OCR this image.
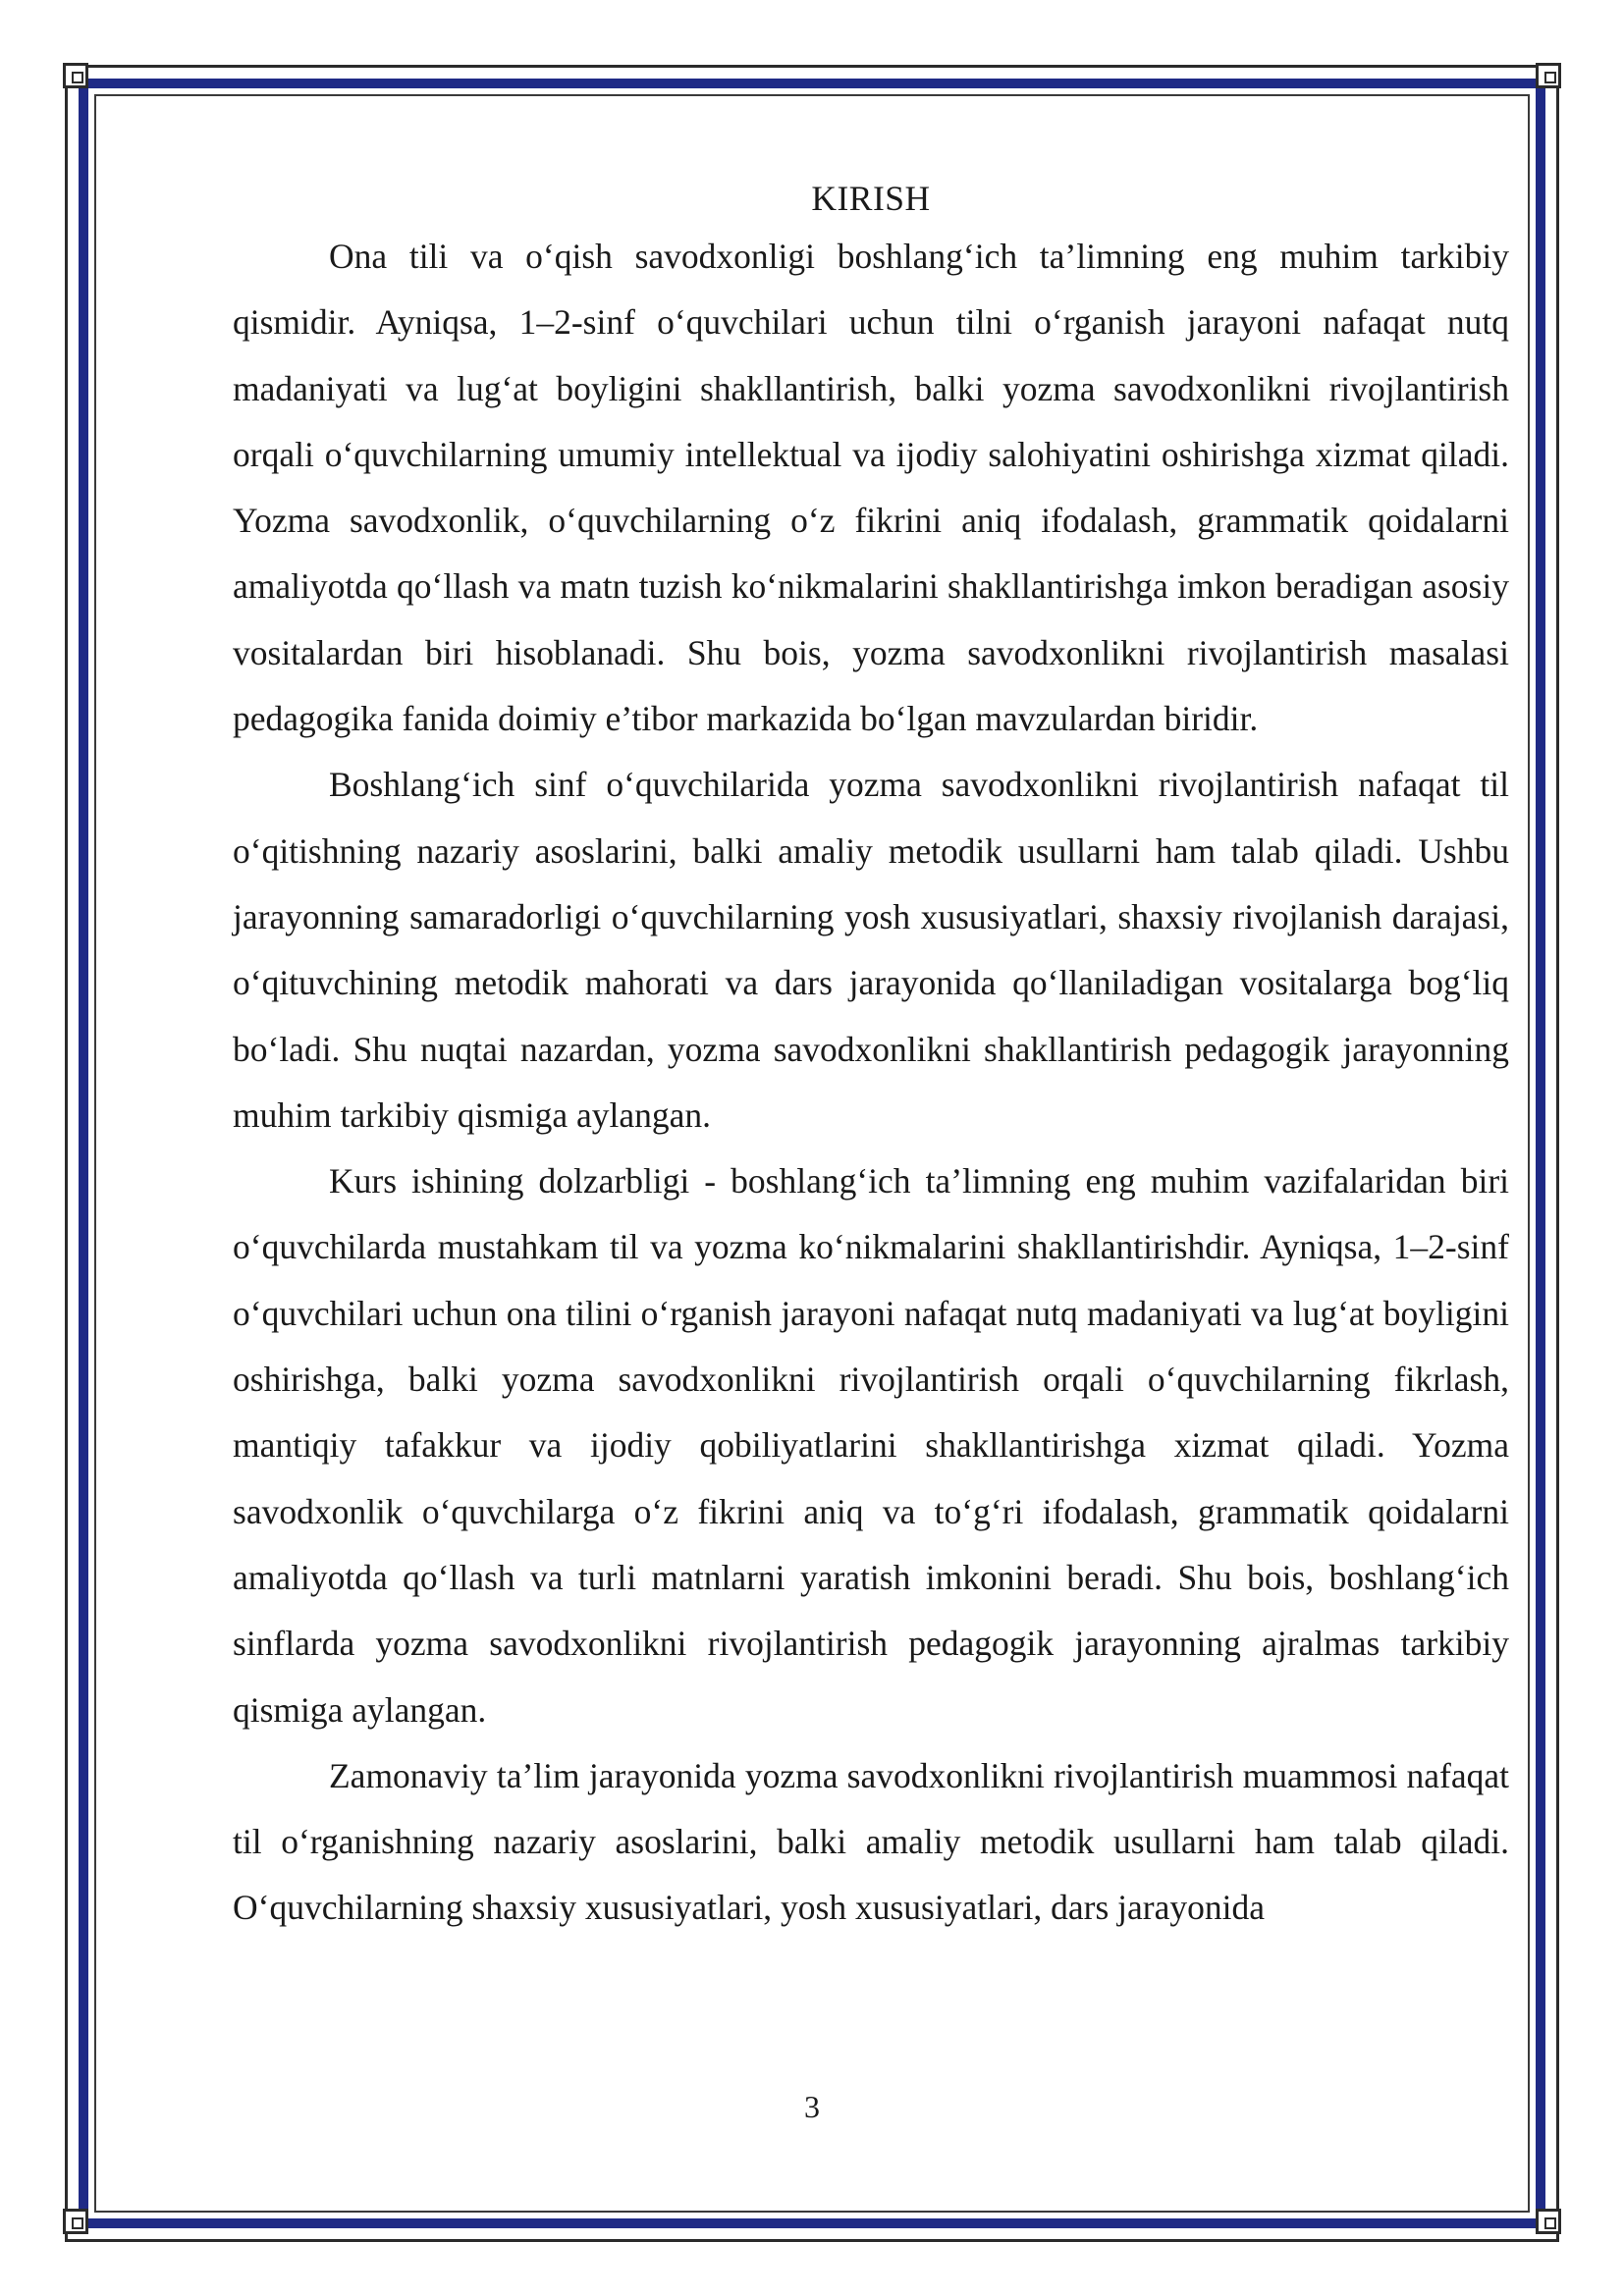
KIRISH

Ona tili va o‘qish savodxonligi boshlang‘ich ta’limning eng muhim tarkibiy qismidir. Ayniqsa, 1–2-sinf o‘quvchilari uchun tilni o‘rganish jarayoni nafaqat nutq madaniyati va lug‘at boyligini shakllantirish, balki yozma savodxonlikni rivojlantirish orqali o‘quvchilarning umumiy intellektual va ijodiy salohiyatini oshirishga xizmat qiladi. Yozma savodxonlik, o‘quvchilarning o‘z fikrini aniq ifodalash, grammatik qoidalarni amaliyotda qo‘llash va matn tuzish ko‘nikmalarini shakllantirishga imkon beradigan asosiy vositalardan biri hisoblanadi. Shu bois, yozma savodxonlikni rivojlantirish masalasi pedagogika fanida doimiy e’tibor markazida bo‘lgan mavzulardan biridir.

Boshlang‘ich sinf o‘quvchilarida yozma savodxonlikni rivojlantirish nafaqat til o‘qitishning nazariy asoslarini, balki amaliy metodik usullarni ham talab qiladi. Ushbu jarayonning samaradorligi o‘quvchilarning yosh xususiyatlari, shaxsiy rivojlanish darajasi, o‘qituvchining metodik mahorati va dars jarayonida qo‘llaniladigan vositalarga bog‘liq bo‘ladi. Shu nuqtai nazardan, yozma savodxonlikni shakllantirish pedagogik jarayonning muhim tarkibiy qismiga aylangan.

Kurs ishining dolzarbligi - boshlang‘ich ta’limning eng muhim vazifalaridan biri o‘quvchilarda mustahkam til va yozma ko‘nikmalarini shakllantirishdir. Ayniqsa, 1–2-sinf o‘quvchilari uchun ona tilini o‘rganish jarayoni nafaqat nutq madaniyati va lug‘at boyligini oshirishga, balki yozma savodxonlikni rivojlantirish orqali o‘quvchilarning fikrlash, mantiqiy tafakkur va ijodiy qobiliyatlarini shakllantirishga xizmat qiladi. Yozma savodxonlik o‘quvchilarga o‘z fikrini aniq va to‘g‘ri ifodalash, grammatik qoidalarni amaliyotda qo‘llash va turli matnlarni yaratish imkonini beradi. Shu bois, boshlang‘ich sinflarda yozma savodxonlikni rivojlantirish pedagogik jarayonning ajralmas tarkibiy qismiga aylangan.

Zamonaviy ta’lim jarayonida yozma savodxonlikni rivojlantirish muammosi nafaqat til o‘rganishning nazariy asoslarini, balki amaliy metodik usullarni ham talab qiladi. O‘quvchilarning shaxsiy xususiyatlari, yosh xususiyatlari, dars jarayonida

3
